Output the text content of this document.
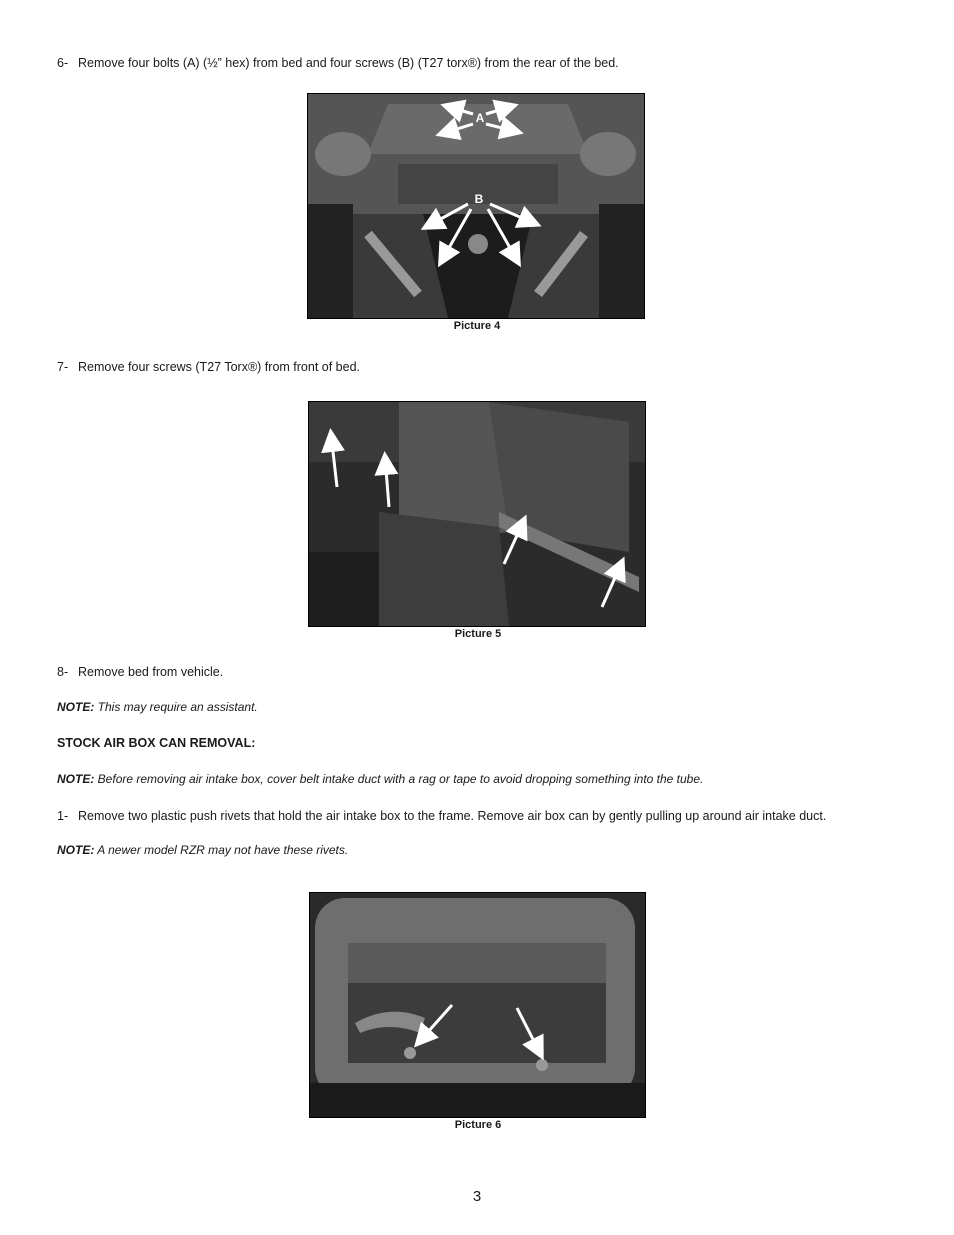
6- Remove four bolts (A) (½” hex) from bed and four screws (B) (T27 torx®) from the rear of the bed.
A
B
Picture 4
7- Remove four screws (T27 Torx®) from front of bed.
Picture 5
8- Remove bed from vehicle.
NOTE: This may require an assistant.
STOCK AIR BOX CAN REMOVAL:
NOTE: Before removing air intake box, cover belt intake duct with a rag or tape to avoid dropping something into the tube.
1- Remove two plastic push rivets that hold the air intake box to the frame. Remove air box can by gently pulling up around air intake duct.
NOTE: A newer model RZR may not have these rivets.
Picture 6
3
